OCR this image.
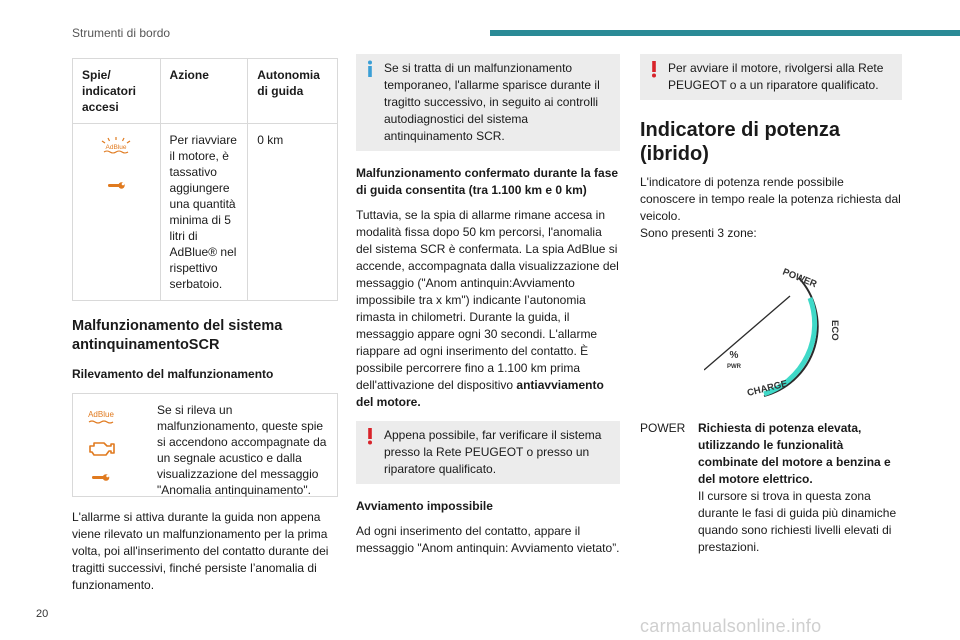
Strumenti di bordo
Spie/ indicatori accesi	Azione	Autonomia di guida

AdBlue	Per riavviare il motore, è tassativo aggiungere una quantità minima di 5 litri di AdBlue® nel rispettivo serbatoio.	0 km
Malfunzionamento del sistema antinquinamentoSCR
Rilevamento del malfunzionamento
AdBlue	Se si rileva un malfunzionamento, queste spie si accendono accompagnate da un segnale acustico e dalla visualizzazione del messaggio "Anomalia antinquinamento".
L'allarme si attiva durante la guida non appena viene rilevato un malfunzionamento per la prima volta, poi all'inserimento del contatto durante dei tragitti successivi, finché persiste l’anomalia di funzionamento.
Se si tratta di un malfunzionamento temporaneo, l'allarme sparisce durante il tragitto successivo, in seguito ai controlli autodiagnostici del sistema antinquinamento SCR.
Malfunzionamento confermato durante la fase di guida consentita (tra 1.100 km e 0 km)
Tuttavia, se la spia di allarme rimane accesa in modalità fissa dopo 50 km percorsi, l'anomalia del sistema SCR è confermata. La spia AdBlue si accende, accompagnata dalla visualizzazione del messaggio ("Anom antinquin:Avviamento impossibile tra x km") indicante l’autonomia rimasta in chilometri. Durante la guida, il messaggio appare ogni 30 secondi. L'allarme riappare ad ogni inserimento del contatto. È possibile percorrere fino a 1.100 km prima dell'attivazione del dispositivo antiavviamento del motore.
Appena possibile, far verificare il sistema presso la Rete PEUGEOT o presso un riparatore qualificato.
Avviamento impossibile
Ad ogni inserimento del contatto, appare il messaggio "Anom antinquin: Avviamento vietato”.
Per avviare il motore, rivolgersi alla Rete PEUGEOT o a un riparatore qualificato.
Indicatore di potenza (ibrido)
L'indicatore di potenza rende possibile conoscere in tempo reale la potenza richiesta dal veicolo.
Sono presenti 3 zone:
POWER
ECO
CHARGE
%
PWR
POWER	Richiesta di potenza elevata, utilizzando le funzionalità combinate del motore a benzina e del motore elettrico.
Il cursore si trova in questa zona durante le fasi di guida più dinamiche quando sono richiesti livelli elevati di prestazioni.
20
carmanualsonline.info
